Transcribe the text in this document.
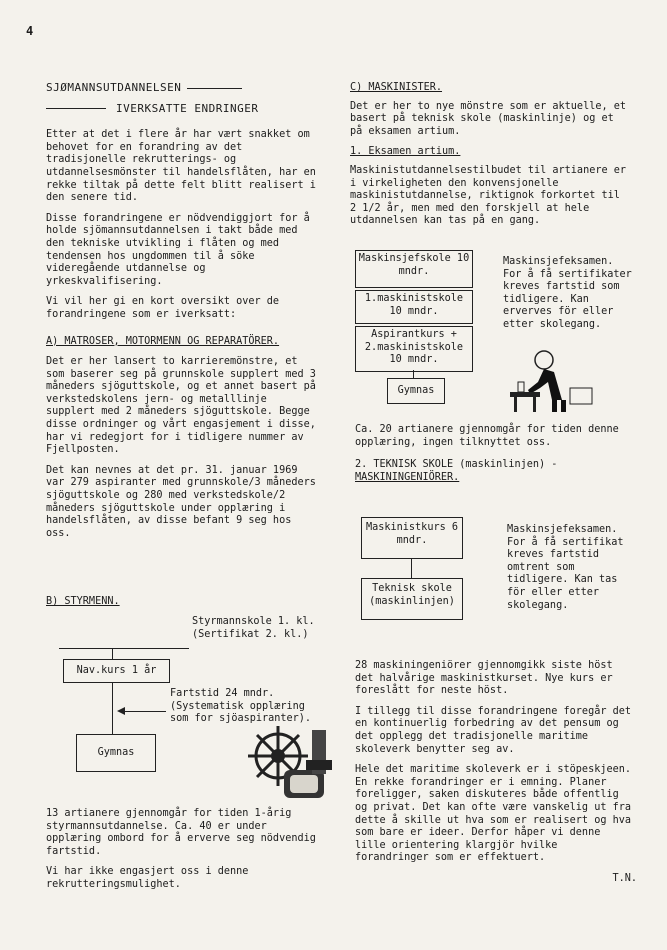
4
SJØMANNSUTDANNELSEN
IVERKSATTE ENDRINGER

Etter at det i flere år har vært snakket om behovet for en forandring av det tradisjonelle rekrutterings- og utdannelsesmönster til handelsflåten, har en rekke tiltak på dette felt blitt realisert i den senere tid.

Disse forandringene er nödvendiggjort for å holde sjömannsutdannelsen i takt både med den tekniske utvikling i flåten og med tendensen hos ungdommen til å söke videregående utdannelse og yrkeskvalifisering.

Vi vil her gi en kort oversikt over de forandringene som er iverksatt:

A) MATROSER, MOTORMENN OG REPARATÖRER.

Det er her lansert to karrieremönstre, et som baserer seg på grunnskole supplert med 3 måneders sjöguttskole, og et annet basert på verkstedskolens jern- og metalllinje supplert med 2 måneders sjöguttskole. Begge disse ordninger og vårt engasjement i disse, har vi redegjort for i tidligere nummer av Fjellposten.

Det kan nevnes at det pr. 31. januar 1969 var 279 aspiranter med grunnskole/3 måneders sjöguttskole og 280 med verkstedskole/2 måneders sjöguttskole under opplæring i handelsflåten, av disse befant 9 seg hos oss.

B) STYRMENN.
Styrmannskole 1. kl. (Sertifikat 2. kl.)
Nav.kurs 1 år
Fartstid 24 mndr. (Systematisk opplæring som for sjöaspiranter).
Gymnas
13 artianere gjennomgår for tiden 1-årig styrmannsutdannelse. Ca. 40 er under opplæring ombord for å erverve seg nödvendig fartstid.
Vi har ikke engasjert oss i denne rekrutteringsmulighet.
C) MASKINISTER.

Det er her to nye mönstre som er aktuelle, et basert på teknisk skole (maskinlinje) og et på eksamen artium.

1. Eksamen artium.

Maskinistutdannelsestilbudet til artianere er i virkeligheten den konvensjonelle maskinistutdannelse, riktignok forkortet til 2 1/2 år, men med den forskjell at hele utdannelsen kan tas på en gang.

Maskinsjefskole 10 mndr.
1.maskinistskole 10 mndr.
Aspirantkurs + 2.maskinistskole 10 mndr.
Gymnas
Maskinsjefeksamen. For å få sertifikater kreves fartstid som tidligere. Kan erverves för eller etter skolegang.

Ca. 20 artianere gjennomgår for tiden denne opplæring, ingen tilknyttet oss.

2. TEKNISK SKOLE (maskinlinjen) -
MASKININGENIÖRER.
Maskinistkurs 6 mndr.
Teknisk skole (maskinlinjen)
Maskinsjefeksamen. For å få sertifikat kreves fartstid omtrent som tidligere. Kan tas för eller etter skolegang.

28 maskiningeniörer gjennomgikk siste höst det halvårige maskinistkurset. Nye kurs er foreslått for neste höst.

I tillegg til disse forandringene foregår det en kontinuerlig forbedring av det pensum og det opplegg det tradisjonelle maritime skoleverk benytter seg av.

Hele det maritime skoleverk er i stöpeskjeen. En rekke forandringer er i emning. Planer foreligger, saken diskuteres både offentlig og privat. Det kan ofte være vanskelig ut fra dette å skille ut hva som er realisert og hva som bare er ideer. Derfor håper vi denne lille orientering klargjör hvilke forandringer som er effektuert.

T.N.
